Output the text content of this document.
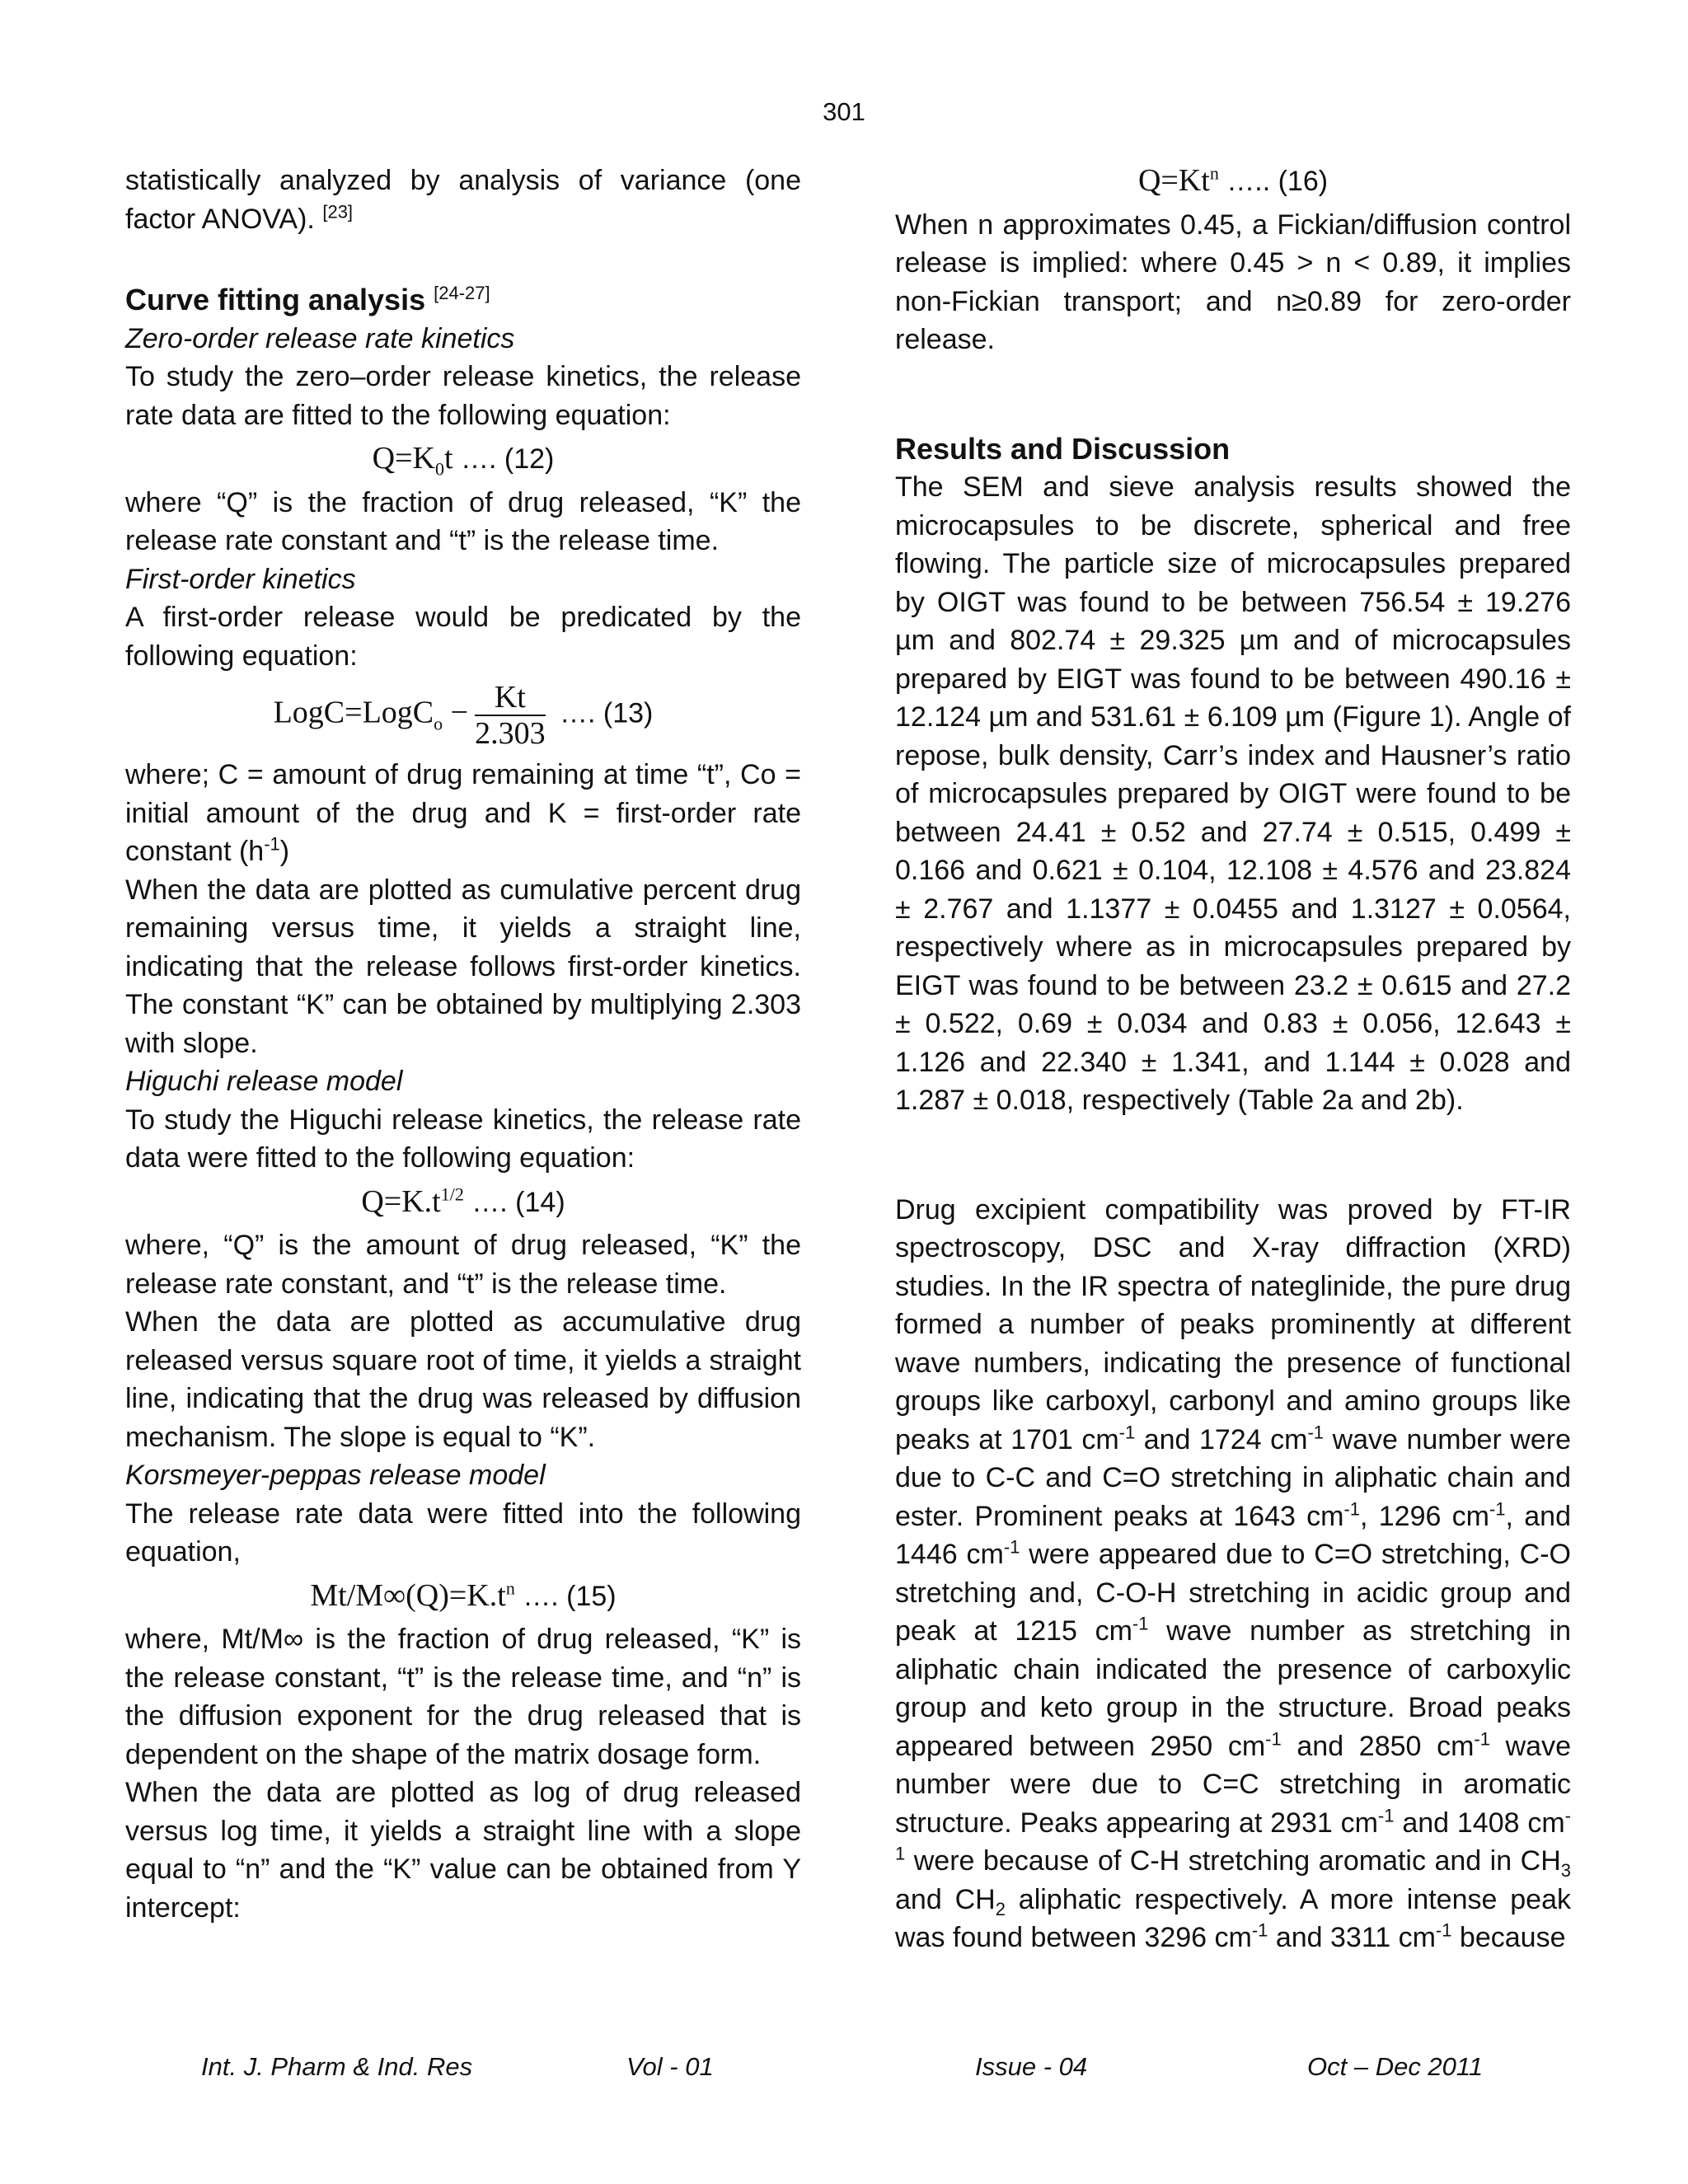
301

statistically analyzed by analysis of variance (one factor ANOVA). [23]

Curve fitting analysis [24-27]

Zero-order release rate kinetics

To study the zero–order release kinetics, the release rate data are fitted to the following equation:

$Q=K_0t$ …. (12)

where “Q” is the fraction of drug released, “K” the release rate constant and “t” is the release time.

First-order kinetics

A first-order release would be predicated by the following equation:

LogC=LogC$_o$ − $\frac{Kt}{2.303}$ …. (13)

where; C = amount of drug remaining at time “t”, Co = initial amount of the drug and K = first-order rate constant $(h^{-1})$

When the data are plotted as cumulative percent drug remaining versus time, it yields a straight line, indicating that the release follows first-order kinetics. The constant “K” can be obtained by multiplying 2.303 with slope.

Higuchi release model

To study the Higuchi release kinetics, the release rate data were fitted to the following equation:

$Q=K.t^{1/2}$ …. (14)

where, “Q” is the amount of drug released, “K” the release rate constant, and “t” is the release time.

When the data are plotted as accumulative drug released versus square root of time, it yields a straight line, indicating that the drug was released by diffusion mechanism. The slope is equal to “K”.

Korsmeyer-peppas release model

The release rate data were fitted into the following equation,

$Mt/M\infty(Q)=K.t^n$ …. (15)

where, Mt/M∞ is the fraction of drug released, “K” is the release constant, “t” is the release time, and “n” is the diffusion exponent for the drug released that is dependent on the shape of the matrix dosage form.

When the data are plotted as log of drug released versus log time, it yields a straight line with a slope equal to “n” and the “K” value can be obtained from Y intercept:

$Q=Kt^n$ ….. (16)

When n approximates 0.45, a Fickian/diffusion control release is implied: where 0.45 > n < 0.89, it implies non-Fickian transport; and n≥0.89 for zero-order release.

Results and Discussion

The SEM and sieve analysis results showed the microcapsules to be discrete, spherical and free flowing. The particle size of microcapsules prepared by OIGT was found to be between 756.54 ± 19.276 µm and 802.74 ± 29.325 µm and of microcapsules prepared by EIGT was found to be between 490.16 ± 12.124 µm and 531.61 ± 6.109 µm (Figure 1). Angle of repose, bulk density, Carr’s index and Hausner’s ratio of microcapsules prepared by OIGT were found to be between 24.41 ± 0.52 and 27.74 ± 0.515, 0.499 ± 0.166 and 0.621 ± 0.104, 12.108 ± 4.576 and 23.824 ± 2.767 and 1.1377 ± 0.0455 and 1.3127 ± 0.0564, respectively where as in microcapsules prepared by EIGT was found to be between 23.2 ± 0.615 and 27.2 ± 0.522, 0.69 ± 0.034 and 0.83 ± 0.056, 12.643 ± 1.126 and 22.340 ± 1.341, and 1.144 ± 0.028 and 1.287 ± 0.018, respectively (Table 2a and 2b).

Drug excipient compatibility was proved by FT-IR spectroscopy, DSC and X-ray diffraction (XRD) studies. In the IR spectra of nateglinide, the pure drug formed a number of peaks prominently at different wave numbers, indicating the presence of functional groups like carboxyl, carbonyl and amino groups like peaks at 1701 $cm^{-1}$ and 1724 $cm^{-1}$ wave number were due to C-C and C=O stretching in aliphatic chain and ester. Prominent peaks at 1643 $cm^{-1}$, 1296 $cm^{-1}$, and 1446 $cm^{-1}$ were appeared due to C=O stretching, C-O stretching and, C-O-H stretching in acidic group and peak at 1215 $cm^{-1}$ wave number as stretching in aliphatic chain indicated the presence of carboxylic group and keto group in the structure. Broad peaks appeared between 2950 $cm^{-1}$ and 2850 $cm^{-1}$ wave number were due to C=C stretching in aromatic structure. Peaks appearing at 2931 $cm^{-1}$ and 1408 $cm^{-1}$ were because of C-H stretching aromatic and in $CH_3$ and $CH_2$ aliphatic respectively. A more intense peak was found between 3296 $cm^{-1}$ and 3311 $cm^{-1}$ because

Int. J. Pharm & Ind. Res	Vol - 01	Issue - 04	Oct – Dec 2011
